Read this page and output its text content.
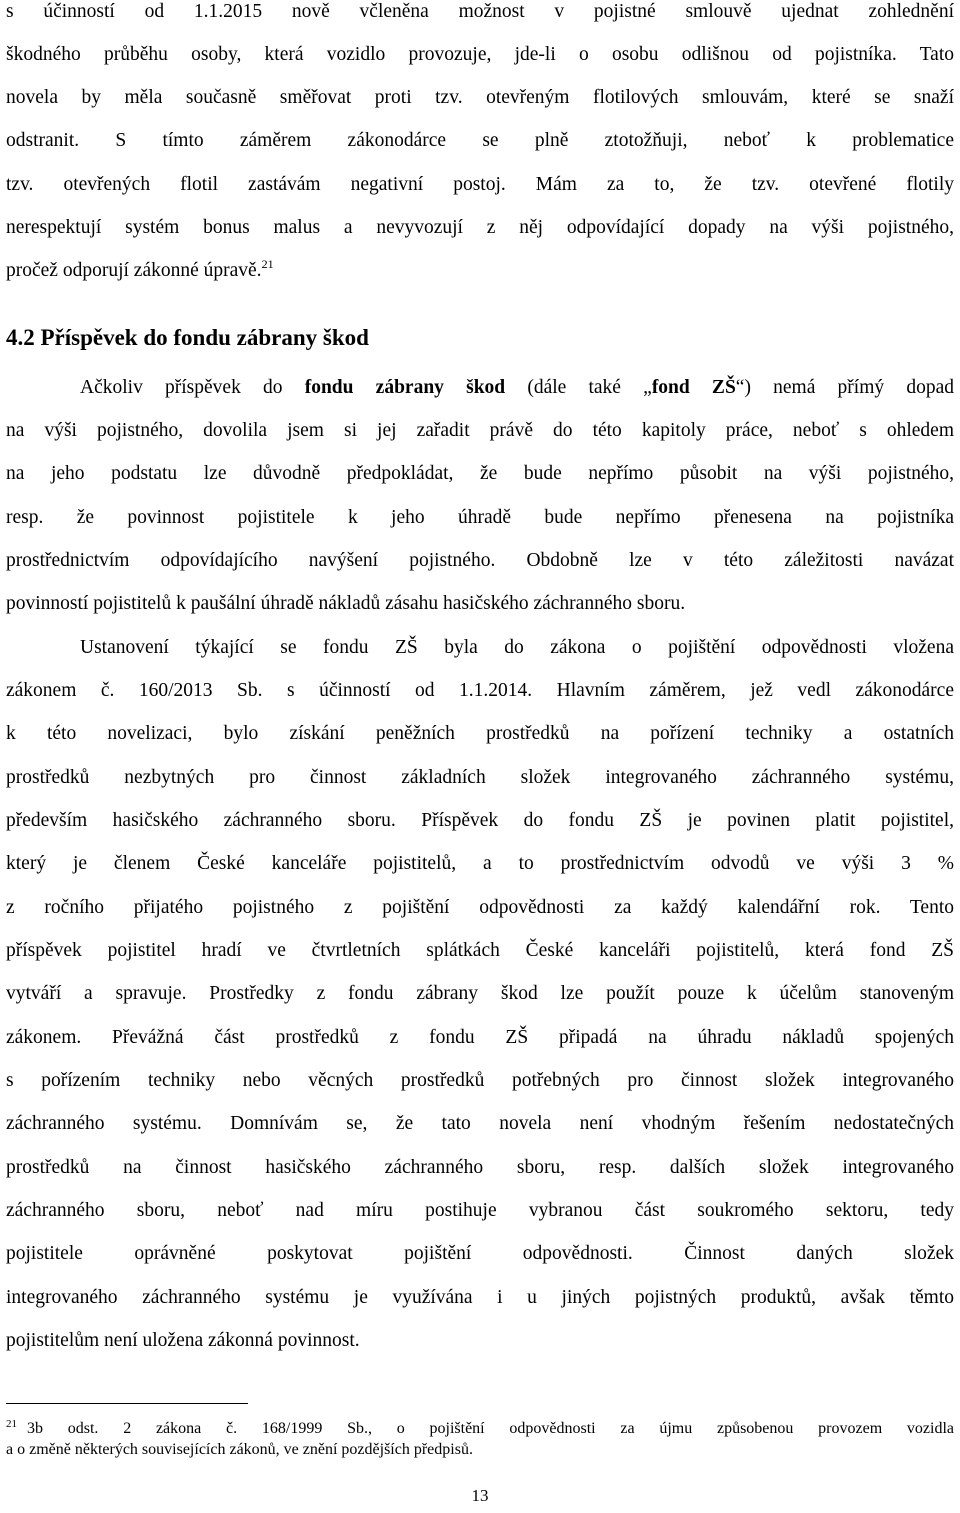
s účinností od 1.1.2015 nově včleněna možnost v pojistné smlouvě ujednat zohlednění
škodného průběhu osoby, která vozidlo provozuje, jde-li o osobu odlišnou od pojistníka. Tato
novela by měla současně směřovat proti tzv. otevřeným flotilových smlouvám, které se snaží
odstranit. S tímto záměrem zákonodárce se plně ztotožňuji, neboť k problematice
tzv. otevřených flotil zastávám negativní postoj. Mám za to, že tzv. otevřené flotily
nerespektují systém bonus malus a nevyvozují z něj odpovídající dopady na výši pojistného,
pročež odporují zákonné úpravě.$^{21}$
4.2 Příspěvek do fondu zábrany škod
Ačkoliv příspěvek do fondu zábrany škod (dále také „fond ZŠ“) nemá přímý dopad
na výši pojistného, dovolila jsem si jej zařadit právě do této kapitoly práce, neboť s ohledem
na jeho podstatu lze důvodně předpokládat, že bude nepřímo působit na výši pojistného,
resp. že povinnost pojistitele k jeho úhradě bude nepřímo přenesena na pojistníka
prostřednictvím odpovídajícího navýšení pojistného. Obdobně lze v této záležitosti navázat
povinností pojistitelů k paušální úhradě nákladů zásahu hasičského záchranného sboru.
Ustanovení týkající se fondu ZŠ byla do zákona o pojištění odpovědnosti vložena
zákonem č. 160/2013 Sb. s účinností od 1.1.2014. Hlavním záměrem, jež vedl zákonodárce
k této novelizaci, bylo získání peněžních prostředků na pořízení techniky a ostatních
prostředků nezbytných pro činnost základních složek integrovaného záchranného systému,
především hasičského záchranného sboru. Příspěvek do fondu ZŠ je povinen platit pojistitel,
který je členem České kanceláře pojistitelů, a to prostřednictvím odvodů ve výši 3 %
z ročního přijatého pojistného z pojištění odpovědnosti za každý kalendářní rok. Tento
příspěvek pojistitel hradí ve čtvrtletních splátkách České kanceláři pojistitelů, která fond ZŠ
vytváří a spravuje. Prostředky z fondu zábrany škod lze použít pouze k účelům stanoveným
zákonem. Převážná část prostředků z fondu ZŠ připadá na úhradu nákladů spojených
s pořízením techniky nebo věcných prostředků potřebných pro činnost složek integrovaného
záchranného systému. Domnívám se, že tato novela není vhodným řešením nedostatečných
prostředků na činnost hasičského záchranného sboru, resp. dalších složek integrovaného
záchranného sboru, neboť nad míru postihuje vybranou část soukromého sektoru, tedy
pojistitele oprávněné poskytovat pojištění odpovědnosti. Činnost daných složek
integrovaného záchranného systému je využívána i u jiných pojistných produktů, avšak těmto
pojistitelům není uložena zákonná povinnost.
$^{21}$ 3b odst. 2 zákona č. 168/1999 Sb., o pojištění odpovědnosti za újmu způsobenou provozem vozidla
a o změně některých souvisejících zákonů, ve znění pozdějších předpisů.
13
